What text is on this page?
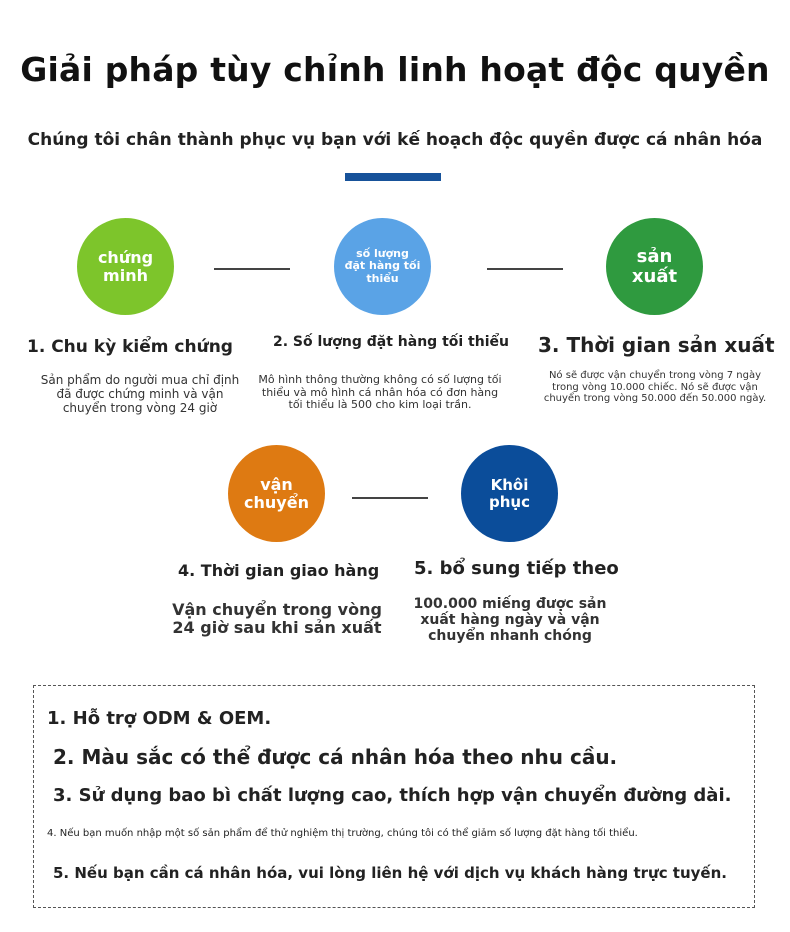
Giải pháp tùy chỉnh linh hoạt độc quyền
Chúng tôi chân thành phục vụ bạn với kế hoạch độc quyền được cá nhân hóa
chứng minh
số lượng đặt hàng tối thiểu
sản xuất
1. Chu kỳ kiểm chứng	2. Số lượng đặt hàng tối thiểu 3. Thời gian sản xuất
Sản phẩm do người mua chỉ định đã được chứng minh và vận chuyển trong vòng 24 giờ
Mô hình thông thường không có số lượng tối thiểu và mô hình cá nhân hóa có đơn hàng tối thiểu là 500 cho kim loại trần.
Nó sẽ được vận chuyển trong vòng 7 ngày trong vòng 10.000 chiếc. Nó sẽ được vận chuyển trong vòng 50.000 đến 50.000 ngày.
vận chuyển
Khôi phục
4. Thời gian giao hàng 5. bổ sung tiếp theo
Vận chuyển trong vòng 24 giờ sau khi sản xuất
100.000 miếng được sản xuất hàng ngày và vận chuyển nhanh chóng
1. Hỗ trợ ODM & OEM.
2. Màu sắc có thể được cá nhân hóa theo nhu cầu.
3. Sử dụng bao bì chất lượng cao, thích hợp vận chuyển đường dài.
4. Nếu bạn muốn nhập một số sản phẩm để thử nghiệm thị trường, chúng tôi có thể giảm số lượng đặt hàng tối thiểu.
5. Nếu bạn cần cá nhân hóa, vui lòng liên hệ với dịch vụ khách hàng trực tuyến.
